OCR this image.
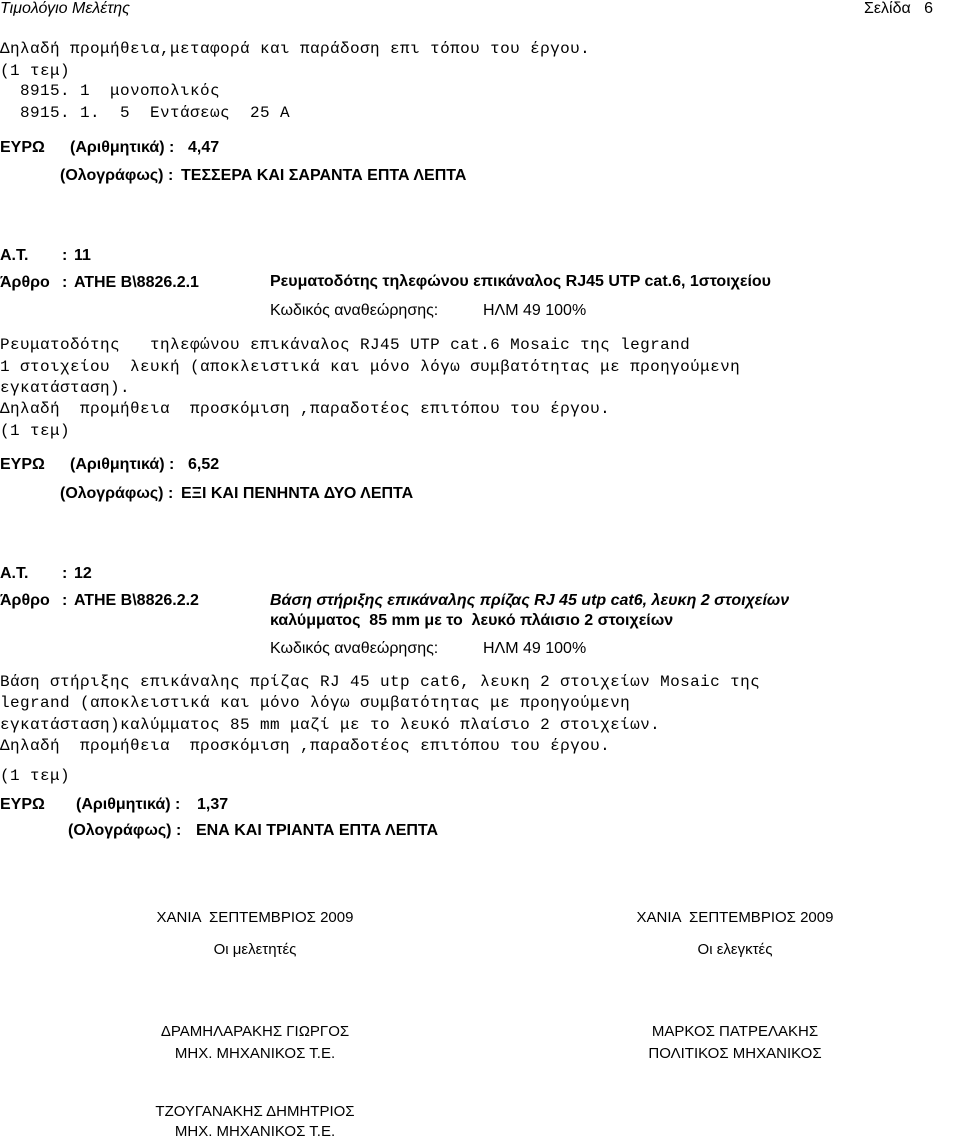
Τιμολόγιο Μελέτης	Σελίδα   6
Δηλαδή προμήθεια,μεταφορά και παράδοση επι τόπου του έργου.
(1 τεμ)
8915. 1  μονοπολικός
8915. 1.  5  Εντάσεως  25 Α
ΕΥΡΩ (Αριθμητικά) : 4,47
(Ολογράφως) : ΤΕΣΣΕΡΑ ΚΑΙ ΣΑΡΑΝΤΑ ΕΠΤΑ ΛΕΠΤΑ
Α.Τ. : 11
Άρθρο : ΑΤΗΕ Β\8826.2.1	Ρευματοδότης τηλεφώνου επικάναλος RJ45 UTP cat.6, 1στοιχείου
Κωδικός αναθεώρησης:	ΗΛΜ 49 100%
Ρευματοδότης   τηλεφώνου επικάναλος RJ45 UTP cat.6 Mosaic της legrand
1 στοιχείου  λευκή (αποκλειστικά και μόνο λόγω συμβατότητας με προηγούμενη
εγκατάσταση).
Δηλαδή  προμήθεια  προσκόμιση ,παραδοτέος επιτόπου του έργου.
(1 τεμ)
ΕΥΡΩ (Αριθμητικά) : 6,52
(Ολογράφως) : ΕΞΙ ΚΑΙ ΠΕΝΗΝΤΑ ΔΥΟ ΛΕΠΤΑ
Α.Τ. : 12
Άρθρο : ΑΤΗΕ Β\8826.2.2	Βάση στήριξης επικάναλης πρίζας RJ 45 utp cat6, λευκη 2 στοιχείων
καλύμματος  85 mm με το  λευκό πλάισιο 2 στοιχείων
Κωδικός αναθεώρησης:	ΗΛΜ 49 100%
Βάση στήριξης επικάναλης πρίζας RJ 45 utp cat6, λευκη 2 στοιχείων Mosaic της
legrand (αποκλειστικά και μόνο λόγω συμβατότητας με προηγούμενη
εγκατάσταση)καλύμματος 85 mm μαζί με το λευκό πλαίσιο 2 στοιχείων.
Δηλαδή  προμήθεια  προσκόμιση ,παραδοτέος επιτόπου του έργου.
(1 τεμ)
ΕΥΡΩ (Αριθμητικά) : 1,37
(Ολογράφως) : ΕΝΑ ΚΑΙ ΤΡΙΑΝΤΑ ΕΠΤΑ ΛΕΠΤΑ
ΧΑΝΙΑ  ΣΕΠΤΕΜΒΡΙΟΣ 2009
Οι μελετητές
ΔΡΑΜΗΛΑΡΑΚΗΣ ΓΙΩΡΓΟΣ
ΜΗΧ. ΜΗΧΑΝΙΚΟΣ Τ.Ε.
ΤΖΟΥΓΑΝΑΚΗΣ ΔΗΜΗΤΡΙΟΣ
ΜΗΧ. ΜΗΧΑΝΙΚΟΣ Τ.Ε.
ΧΑΝΙΑ  ΣΕΠΤΕΜΒΡΙΟΣ 2009
Οι ελεγκτές
ΜΑΡΚΟΣ ΠΑΤΡΕΛΑΚΗΣ
ΠΟΛΙΤΙΚΟΣ ΜΗΧΑΝΙΚΟΣ
